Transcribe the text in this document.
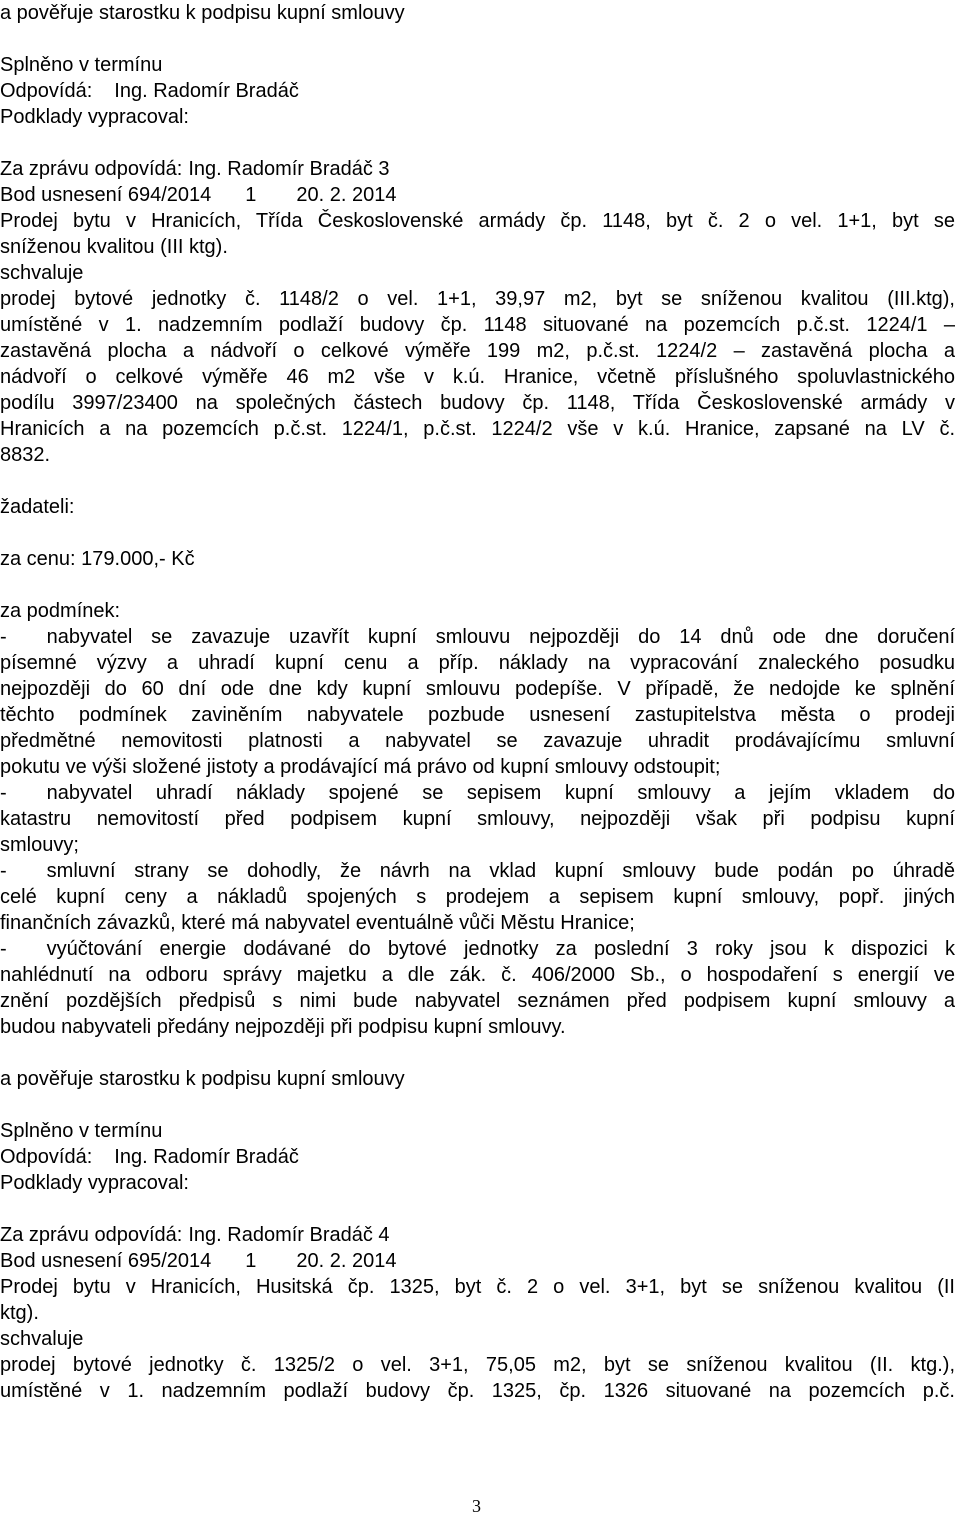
a pověřuje starostku k podpisu kupní smlouvy
Splněno v termínu
Odpovídá: Ing. Radomír Bradáč
Podklady vypracoval:
Za zprávu odpovídá: Ing. Radomír Bradáč 3
Bod usnesení 694/2014 1 20. 2. 2014
Prodej bytu v Hranicích, Třída Československé armády čp. 1148, byt č. 2 o vel. 1+1, byt se
sníženou kvalitou (III ktg).
schvaluje
prodej bytové jednotky č. 1148/2 o vel. 1+1, 39,97 m2, byt se sníženou kvalitou (III.ktg),
umístěné v 1. nadzemním podlaží budovy čp. 1148 situované na pozemcích p.č.st. 1224/1 –
zastavěná plocha a nádvoří o celkové výměře 199 m2, p.č.st. 1224/2 – zastavěná plocha a
nádvoří o celkové výměře 46 m2 vše v k.ú. Hranice, včetně příslušného spoluvlastnického
podílu 3997/23400 na společných částech budovy čp. 1148, Třída Československé armády v
Hranicích a na pozemcích p.č.st. 1224/1, p.č.st. 1224/2 vše v k.ú. Hranice, zapsané na LV č.
8832.
žadateli:
za cenu: 179.000,- Kč
za podmínek:
-  nabyvatel se zavazuje uzavřít kupní smlouvu nejpozději do 14 dnů ode dne doručení
písemné výzvy a uhradí kupní cenu a příp. náklady na vypracování znaleckého posudku
nejpozději do 60 dní ode dne kdy kupní smlouvu podepíše. V případě, že nedojde ke splnění
těchto podmínek zaviněním nabyvatele pozbude usnesení zastupitelstva města o prodeji
předmětné nemovitosti platnosti a nabyvatel se zavazuje uhradit prodávajícímu smluvní
pokutu ve výši složené jistoty a prodávající má právo od kupní smlouvy odstoupit;
-  nabyvatel uhradí náklady spojené se sepisem kupní smlouvy a jejím vkladem do
katastru nemovitostí před podpisem kupní smlouvy, nejpozději však při podpisu kupní
smlouvy;
-  smluvní strany se dohodly, že návrh na vklad kupní smlouvy bude podán po úhradě
celé kupní ceny a nákladů spojených s prodejem a sepisem kupní smlouvy, popř. jiných
finančních závazků, které má nabyvatel eventuálně vůči Městu Hranice;
-  vyúčtování energie dodávané do bytové jednotky za poslední 3 roky jsou k dispozici k
nahlédnutí na odboru správy majetku a dle zák. č. 406/2000 Sb., o hospodaření s energií ve
znění pozdějších předpisů s nimi bude nabyvatel seznámen před podpisem kupní smlouvy a
budou nabyvateli předány nejpozději při podpisu kupní smlouvy.
a pověřuje starostku k podpisu kupní smlouvy
Splněno v termínu
Odpovídá: Ing. Radomír Bradáč
Podklady vypracoval:
Za zprávu odpovídá: Ing. Radomír Bradáč 4
Bod usnesení 695/2014 1 20. 2. 2014
Prodej bytu v Hranicích, Husitská čp. 1325, byt č. 2 o vel. 3+1, byt se sníženou kvalitou (II
ktg).
schvaluje
prodej bytové jednotky č. 1325/2 o vel. 3+1, 75,05 m2, byt se sníženou kvalitou (II. ktg.),
umístěné v 1. nadzemním podlaží budovy čp. 1325, čp. 1326 situované na pozemcích p.č.
3
